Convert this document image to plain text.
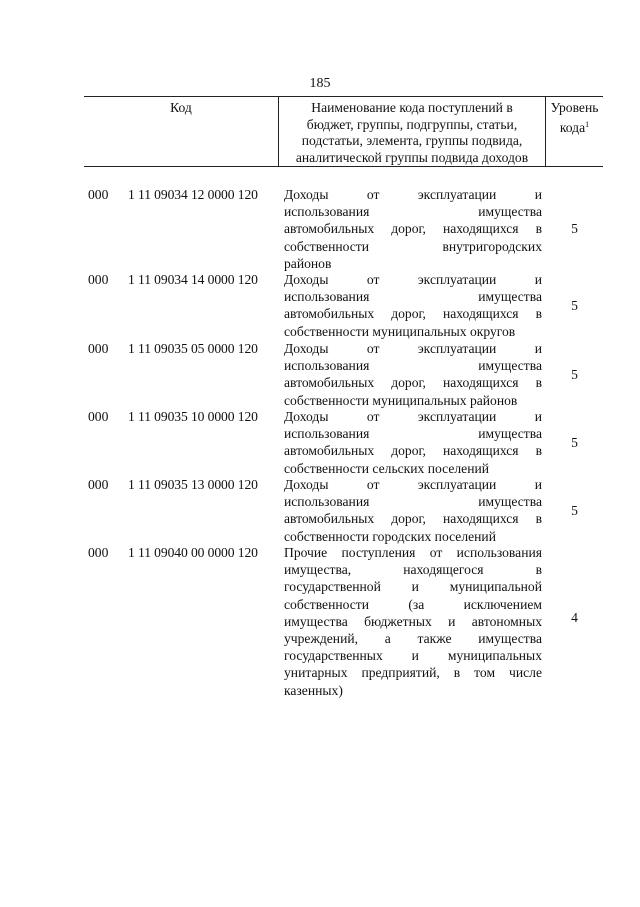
185
Код	Наименование кода поступлений в
бюджет, группы, подгруппы, статьи,
подстатьи, элемента, группы подвида,
аналитической группы подвида доходов
Уровень
кода$^1$
000 1 11 09034 12 0000 120 Доходы от эксплуатации и
использования имущества
автомобильных дорог, находящихся в
собственности внутригородских
районов
5
000 1 11 09034 14 0000 120 Доходы от эксплуатации и
использования имущества
автомобильных дорог, находящихся в
собственности муниципальных округов
5
000 1 11 09035 05 0000 120 Доходы от эксплуатации и
использования имущества
автомобильных дорог, находящихся в
собственности муниципальных районов
5
000 1 11 09035 10 0000 120 Доходы от эксплуатации и
использования имущества
автомобильных дорог, находящихся в
собственности сельских поселений
5
000 1 11 09035 13 0000 120 Доходы от эксплуатации и
использования имущества
автомобильных дорог, находящихся в
собственности городских поселений
5
000 1 11 09040 00 0000 120 Прочие поступления от использования
имущества, находящегося в
государственной и муниципальной
собственности (за исключением
имущества бюджетных и автономных
учреждений, а также имущества
государственных и муниципальных
унитарных предприятий, в том числе
казенных)
4
